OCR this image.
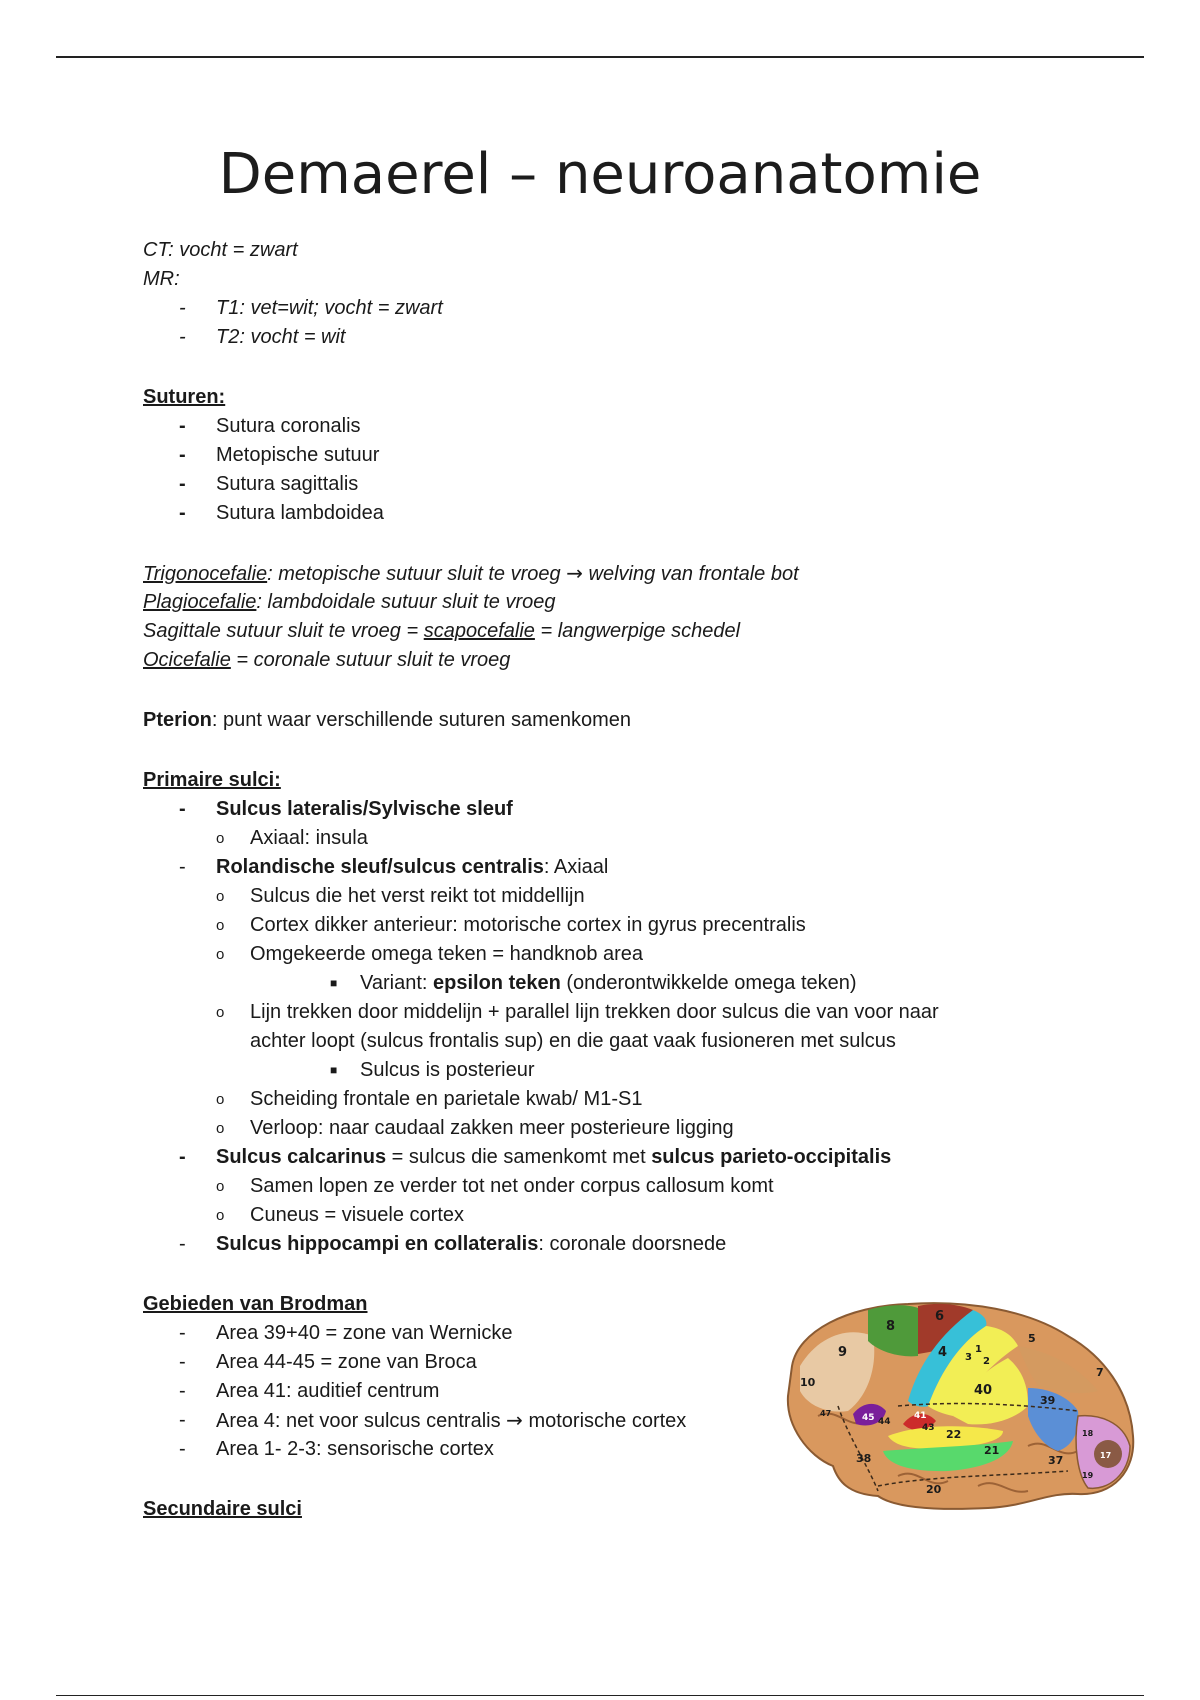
Demaerel – neuroanatomie
CT: vocht = zwart
MR:
- T1: vet=wit; vocht = zwart
- T2: vocht = wit
Suturen:
- Sutura coronalis
- Metopische sutuur
- Sutura sagittalis
- Sutura lambdoidea
Trigonocefalie: metopische sutuur sluit te vroeg → welving van frontale bot
Plagiocefalie: lambdoidale sutuur sluit te vroeg
Sagittale sutuur sluit te vroeg = scapocefalie = langwerpige schedel
Ocicefalie = coronale sutuur sluit te vroeg
Pterion: punt waar verschillende suturen samenkomen
Primaire sulci:
- Sulcus lateralis/Sylvische sleuf
o Axiaal: insula
- Rolandische sleuf/sulcus centralis: Axiaal
o Sulcus die het verst reikt tot middellijn
o Cortex dikker anterieur: motorische cortex in gyrus precentralis
o Omgekeerde omega teken = handknob area
■ Variant: epsilon teken (onderontwikkelde omega teken)
o Lijn trekken door middelijn + parallel lijn trekken door sulcus die van voor naar
achter loopt (sulcus frontalis sup) en die gaat vaak fusioneren met sulcus
■ Sulcus is posterieur
o Scheiding frontale en parietale kwab/ M1-S1
o Verloop: naar caudaal zakken meer posterieure ligging
- Sulcus calcarinus = sulcus die samenkomt met sulcus parieto-occipitalis
o Samen lopen ze verder tot net onder corpus callosum komt
o Cuneus = visuele cortex
- Sulcus hippocampi en collateralis: coronale doorsnede
Gebieden van Brodman
- Area 39+40 = zone van Wernicke
- Area 44-45 = zone van Broca
- Area 41: auditief centrum
- Area 4: net voor sulcus centralis → motorische cortex
- Area 1- 2-3: sensorische cortex
Secundaire sulci
8
6
4 3
1
2
5
7
9
10
40
39
44
45	41
43 22
21
38	37
20
17
18
19
47
